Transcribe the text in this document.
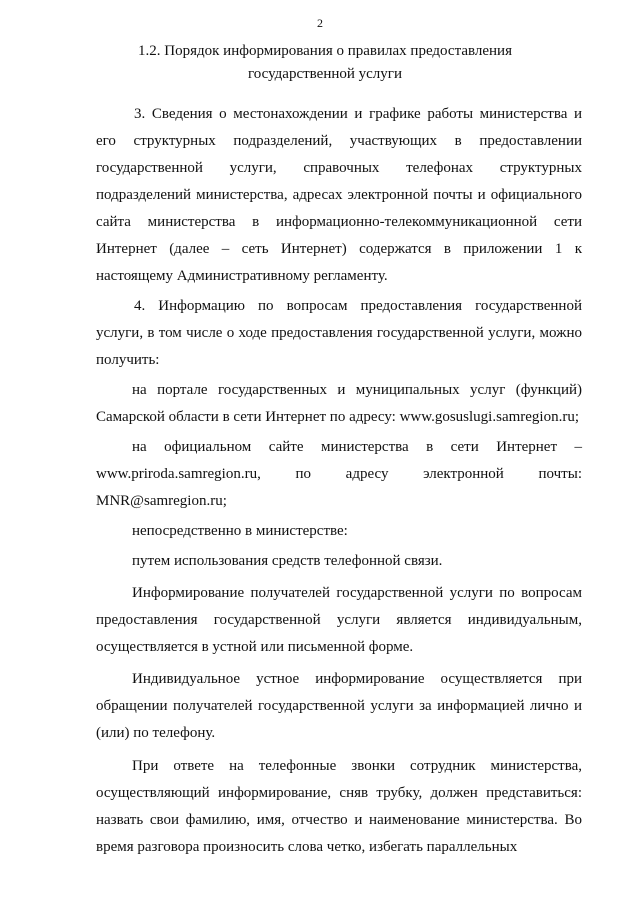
2
1.2. Порядок информирования о правилах предоставления
государственной услуги

3. Сведения о местонахождении и графике работы министерства и его структурных подразделений, участвующих в предоставлении государственной услуги, справочных телефонах структурных подразделений министерства, адресах электронной почты и официального сайта министерства в информационно-телекоммуникационной сети Интернет (далее – сеть Интернет) содержатся в приложении 1 к настоящему Административному регламенту.

4. Информацию по вопросам предоставления государственной услуги, в том числе о ходе предоставления государственной услуги, можно получить:

на портале государственных и муниципальных услуг (функций) Самарской области в сети Интернет по адресу: www.gosuslugi.samregion.ru;

на официальном сайте министерства в сети Интернет – www.priroda.samregion.ru, по адресу электронной почты: MNR@samregion.ru;

непосредственно в министерстве:

путем использования средств телефонной связи.

Информирование получателей государственной услуги по вопросам предоставления государственной услуги является индивидуальным, осуществляется в устной или письменной форме.

Индивидуальное устное информирование осуществляется при обращении получателей государственной услуги за информацией лично и (или) по телефону.

При ответе на телефонные звонки сотрудник министерства, осуществляющий информирование, сняв трубку, должен представиться: назвать свои фамилию, имя, отчество и наименование министерства. Во время разговора произносить слова четко, избегать параллельных
